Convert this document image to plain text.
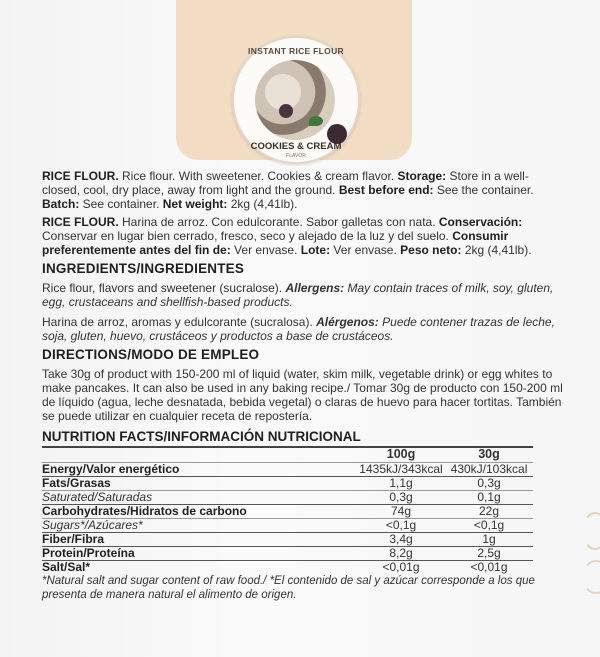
INSTANT RICE FLOUR
COOKIES & CREAM
FLAVOR

RICE FLOUR. Rice flour. With sweetener. Cookies & cream flavor. Storage: Store in a well-closed, cool, dry place, away from light and the ground. Best before end: See the container. Batch: See container. Net weight: 2kg (4,41lb).

RICE FLOUR. Harina de arroz. Con edulcorante. Sabor galletas con nata. Conservación: Conservar en lugar bien cerrado, fresco, seco y alejado de la luz y del suelo. Consumir preferentemente antes del fin de: Ver envase. Lote: Ver envase. Peso neto: 2kg (4,41lb).

INGREDIENTS/INGREDIENTES

Rice flour, flavors and sweetener (sucralose). Allergens: May contain traces of milk, soy, gluten, egg, crustaceans and shellfish-based products.

Harina de arroz, aromas y edulcorante (sucralosa). Alérgenos: Puede contener trazas de leche, soja, gluten, huevo, crustáceos y productos a base de crustáceos.

DIRECTIONS/MODO DE EMPLEO

Take 30g of product with 150-200 ml of liquid (water, skim milk, vegetable drink) or egg whites to make pancakes. It can also be used in any baking recipe./ Tomar 30g de producto con 150-200 ml de líquido (agua, leche desnatada, bebida vegetal) o claras de huevo para hacer tortitas. También se puede utilizar en cualquier receta de repostería.

NUTRITION FACTS/INFORMACIÓN NUTRICIONAL
	100g	30g
Energy/Valor energético	1435kJ/343kcal	430kJ/103kcal
Fats/Grasas	1,1g	0,3g
Saturated/Saturadas	0,3g	0,1g
Carbohydrates/Hidratos de carbono	74g	22g
Sugars*/Azúcares*	<0,1g	<0,1g
Fiber/Fibra	3,4g	1g
Protein/Proteína	8,2g	2,5g
Salt/Sal*	<0,01g	<0,01g

*Natural salt and sugar content of raw food./ *El contenido de sal y azúcar corresponde a los que presenta de manera natural el alimento de origen.
